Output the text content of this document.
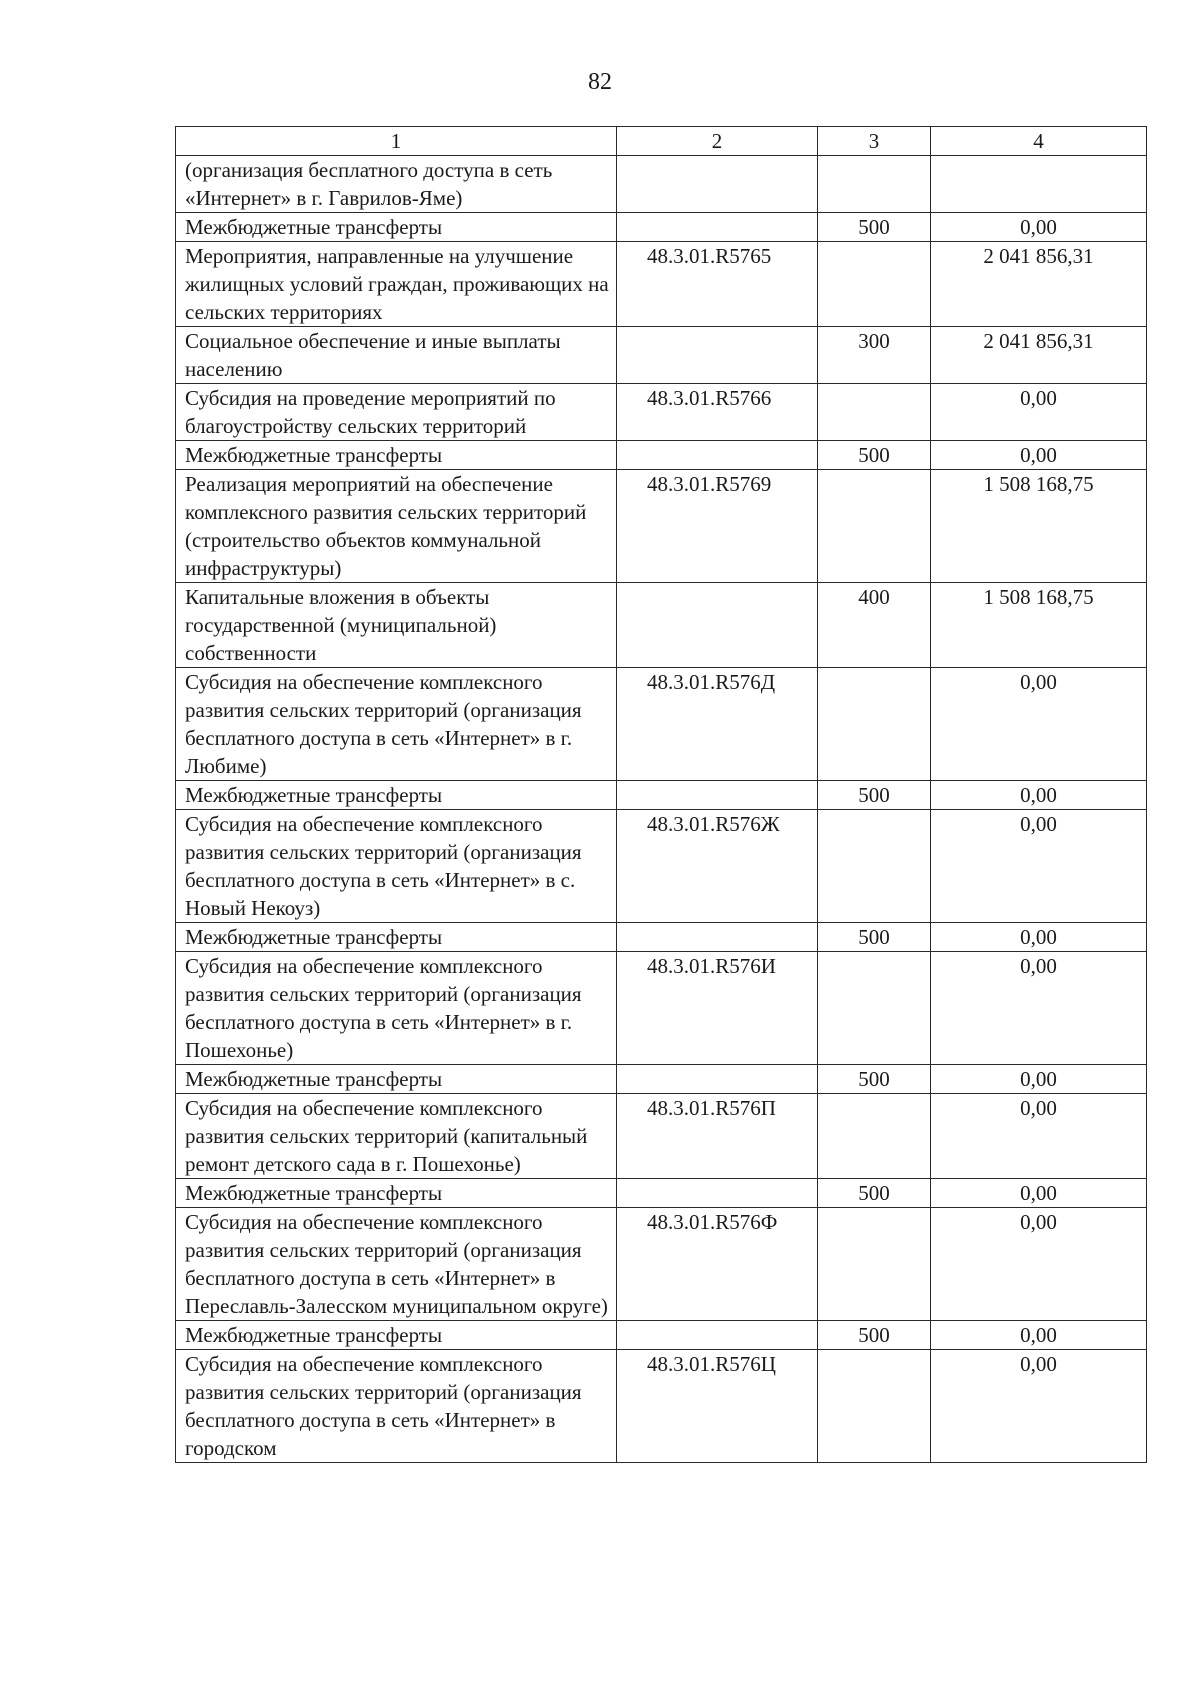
82
1	2	3	4
(организация бесплатного доступа в сеть «Интернет» в г. Гаврилов-Яме)			
Межбюджетные трансферты		500	0,00
Мероприятия, направленные на улучшение жилищных условий граждан, проживающих на сельских территориях	48.3.01.R5765		2 041 856,31
Социальное обеспечение и иные выплаты населению		300	2 041 856,31
Субсидия на проведение мероприятий по благоустройству сельских территорий	48.3.01.R5766		0,00
Межбюджетные трансферты		500	0,00
Реализация мероприятий на обеспечение комплексного развития сельских территорий (строительство объектов коммунальной инфраструктуры)	48.3.01.R5769		1 508 168,75
Капитальные вложения в объекты государственной (муниципальной) собственности		400	1 508 168,75
Субсидия на обеспечение комплексного развития сельских территорий (организация бесплатного доступа в сеть «Интернет» в г. Любиме)	48.3.01.R576Д		0,00
Межбюджетные трансферты		500	0,00
Субсидия на обеспечение комплексного развития сельских территорий (организация бесплатного доступа в сеть «Интернет» в с. Новый Некоуз)	48.3.01.R576Ж		0,00
Межбюджетные трансферты		500	0,00
Субсидия на обеспечение комплексного развития сельских территорий (организация бесплатного доступа в сеть «Интернет» в г. Пошехонье)	48.3.01.R576И		0,00
Межбюджетные трансферты		500	0,00
Субсидия на обеспечение комплексного развития сельских территорий (капитальный ремонт детского сада в г. Пошехонье)	48.3.01.R576П		0,00
Межбюджетные трансферты		500	0,00
Субсидия на обеспечение комплексного развития сельских территорий (организация бесплатного доступа в сеть «Интернет» в Переславль-Залесском муниципальном округе)	48.3.01.R576Ф		0,00
Межбюджетные трансферты		500	0,00
Субсидия на обеспечение комплексного развития сельских территорий (организация бесплатного доступа в сеть «Интернет» в городском	48.3.01.R576Ц		0,00
